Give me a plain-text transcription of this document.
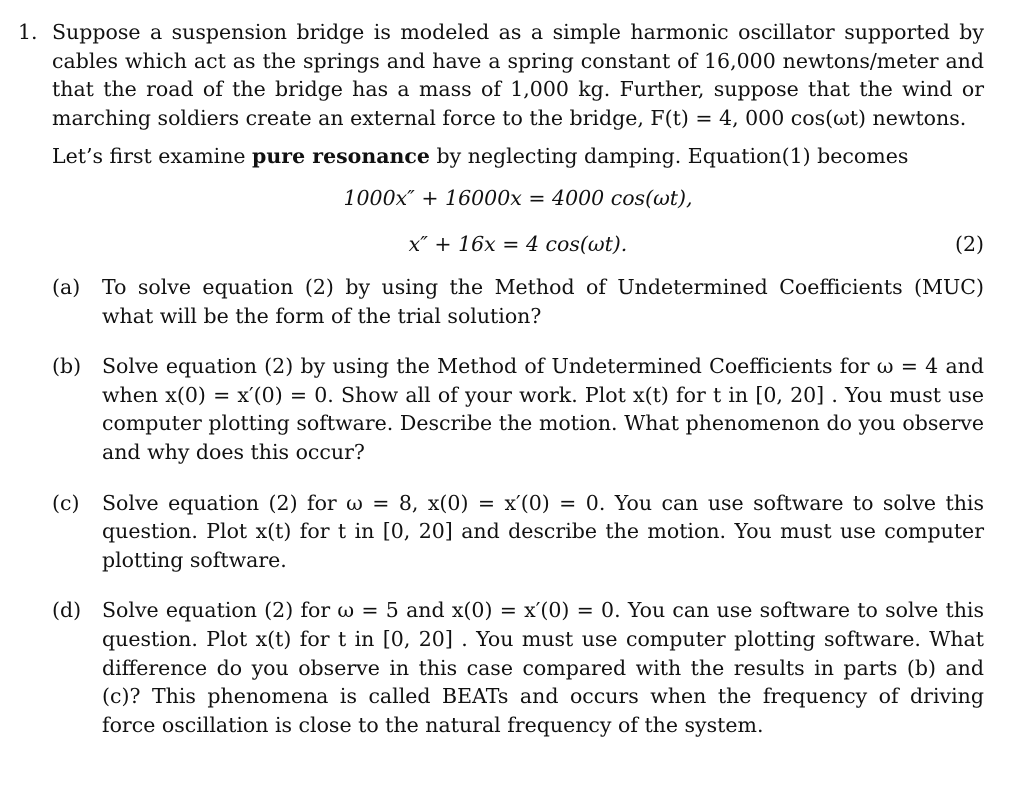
1. Suppose a suspension bridge is modeled as a simple harmonic oscillator supported by cables which act as the springs and have a spring constant of 16,000 newtons/meter and that the road of the bridge has a mass of 1,000 kg. Further, suppose that the wind or marching soldiers create an external force to the bridge, F(t) = 4, 000 cos(ωt) newtons.
Let’s first examine pure resonance by neglecting damping. Equation(1) becomes
1000x″ + 16000x = 4000 cos(ωt),
x″ + 16x = 4 cos(ωt).	(2)
(a) To solve equation (2) by using the Method of Undetermined Coefficients (MUC) what will be the form of the trial solution?
(b) Solve equation (2) by using the Method of Undetermined Coefficients for ω = 4 and when x(0) = x′(0) = 0. Show all of your work. Plot x(t) for t in [0, 20] . You must use computer plotting software. Describe the motion. What phenomenon do you observe and why does this occur?
(c) Solve equation (2) for ω = 8, x(0) = x′(0) = 0. You can use software to solve this question. Plot x(t) for t in [0, 20] and describe the motion. You must use computer plotting software.
(d) Solve equation (2) for ω = 5 and x(0) = x′(0) = 0. You can use software to solve this question. Plot x(t) for t in [0, 20] . You must use computer plotting software. What difference do you observe in this case compared with the results in parts (b) and (c)? This phenomena is called BEATs and occurs when the frequency of driving force oscillation is close to the natural frequency of the system.
